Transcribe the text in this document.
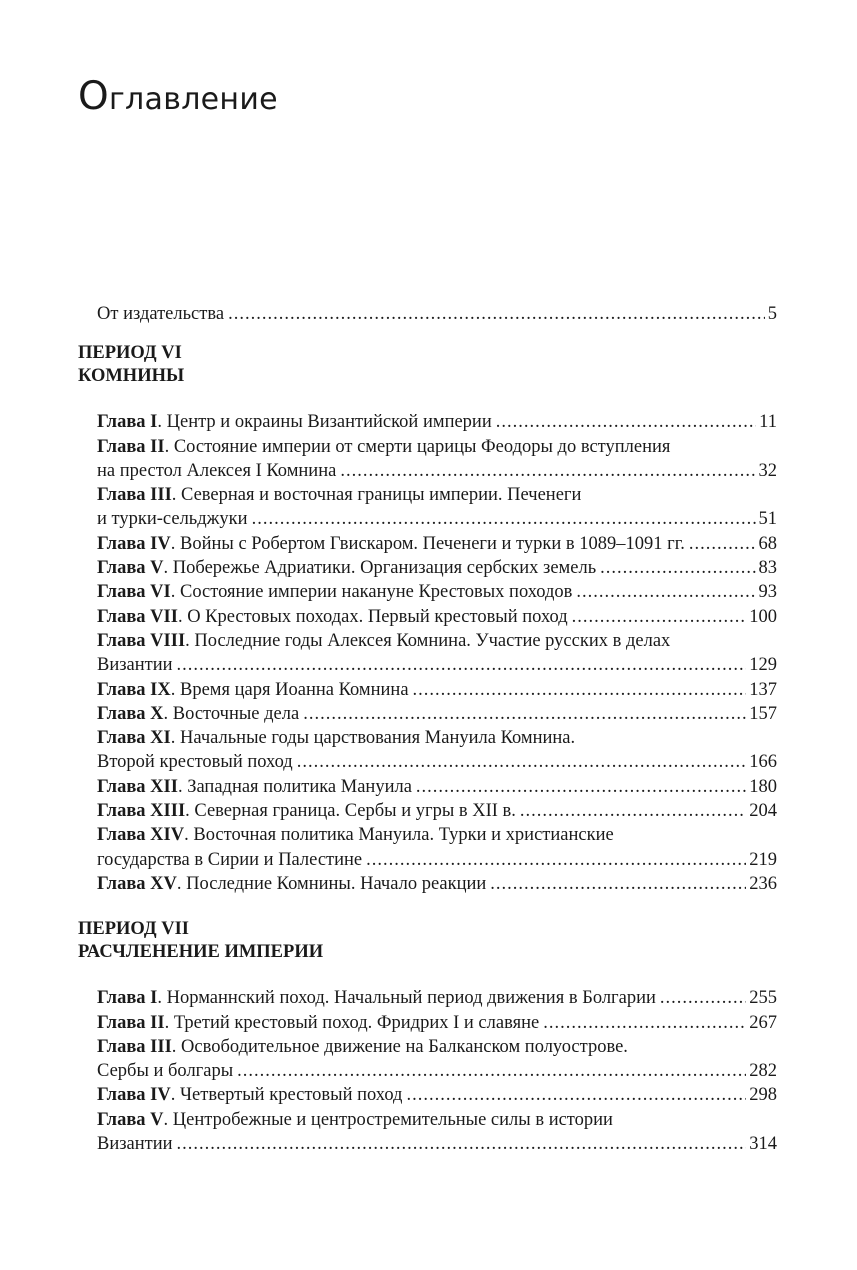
Оглавление
От издательства .....	5
ПЕРИОД VI
КОМНИНЫ
Глава I. Центр и окраины Византийской империи .....	11
Глава II. Состояние империи от смерти царицы Феодоры до вступления
на престол Алексея I Комнина .....	32
Глава III. Северная и восточная границы империи. Печенеги
и турки-сельджуки .....	51
Глава IV. Войны с Робертом Гвискаром. Печенеги и турки в 1089–1091 гг. .....	68
Глава V. Побережье Адриатики. Организация сербских земель .....	83
Глава VI. Состояние империи накануне Крестовых походов .....	93
Глава VII. О Крестовых походах. Первый крестовый поход .....	100
Глава VIII. Последние годы Алексея Комнина. Участие русских в делах
Византии .....	129
Глава IX. Время царя Иоанна Комнина .....	137
Глава X. Восточные дела .....	157
Глава XI. Начальные годы царствования Мануила Комнина.
Второй крестовый поход .....	166
Глава XII. Западная политика Мануила .....	180
Глава XIII. Северная граница. Сербы и угры в XII в. .....	204
Глава XIV. Восточная политика Мануила. Турки и христианские
государства в Сирии и Палестине .....	219
Глава XV. Последние Комнины. Начало реакции .....	236
ПЕРИОД VII
РАСЧЛЕНЕНИЕ ИМПЕРИИ
Глава I. Норманнский поход. Начальный период движения в Болгарии .....	255
Глава II. Третий крестовый поход. Фридрих I и славяне .....	267
Глава III. Освободительное движение на Балканском полуострове.
Сербы и болгары .....	282
Глава IV. Четвертый крестовый поход .....	298
Глава V. Центробежные и центростремительные силы в истории
Византии .....	314
